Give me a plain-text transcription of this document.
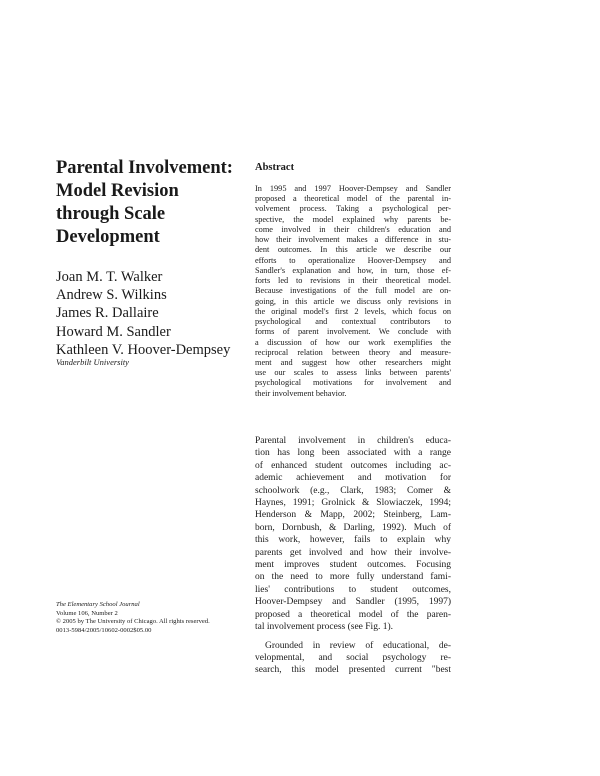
Parental Involvement:
Model Revision
through Scale
Development
Joan M. T. Walker
Andrew S. Wilkins
James R. Dallaire
Howard M. Sandler
Kathleen V. Hoover-Dempsey
Vanderbilt University
The Elementary School Journal
Volume 106, Number 2
© 2005 by The University of Chicago. All rights reserved.
0013-5984/2005/10602-0002$05.00
Abstract
In 1995 and 1997 Hoover-Dempsey and Sandler
proposed a theoretical model of the parental in-
volvement process. Taking a psychological per-
spective, the model explained why parents be-
come involved in their children's education and
how their involvement makes a difference in stu-
dent outcomes. In this article we describe our
efforts to operationalize Hoover-Dempsey and
Sandler's explanation and how, in turn, those ef-
forts led to revisions in their theoretical model.
Because investigations of the full model are on-
going, in this article we discuss only revisions in
the original model's first 2 levels, which focus on
psychological and contextual contributors to
forms of parent involvement. We conclude with
a discussion of how our work exemplifies the
reciprocal relation between theory and measure-
ment and suggest how other researchers might
use our scales to assess links between parents'
psychological motivations for involvement and
their involvement behavior.
Parental involvement in children's educa-
tion has long been associated with a range
of enhanced student outcomes including ac-
ademic achievement and motivation for
schoolwork (e.g., Clark, 1983; Comer &
Haynes, 1991; Grolnick & Slowiaczek, 1994;
Henderson & Mapp, 2002; Steinberg, Lam-
born, Dornbush, & Darling, 1992). Much of
this work, however, fails to explain why
parents get involved and how their involve-
ment improves student outcomes. Focusing
on the need to more fully understand fami-
lies' contributions to student outcomes,
Hoover-Dempsey and Sandler (1995, 1997)
proposed a theoretical model of the paren-
tal involvement process (see Fig. 1).
Grounded in review of educational, de-
velopmental, and social psychology re-
search, this model presented current "best
